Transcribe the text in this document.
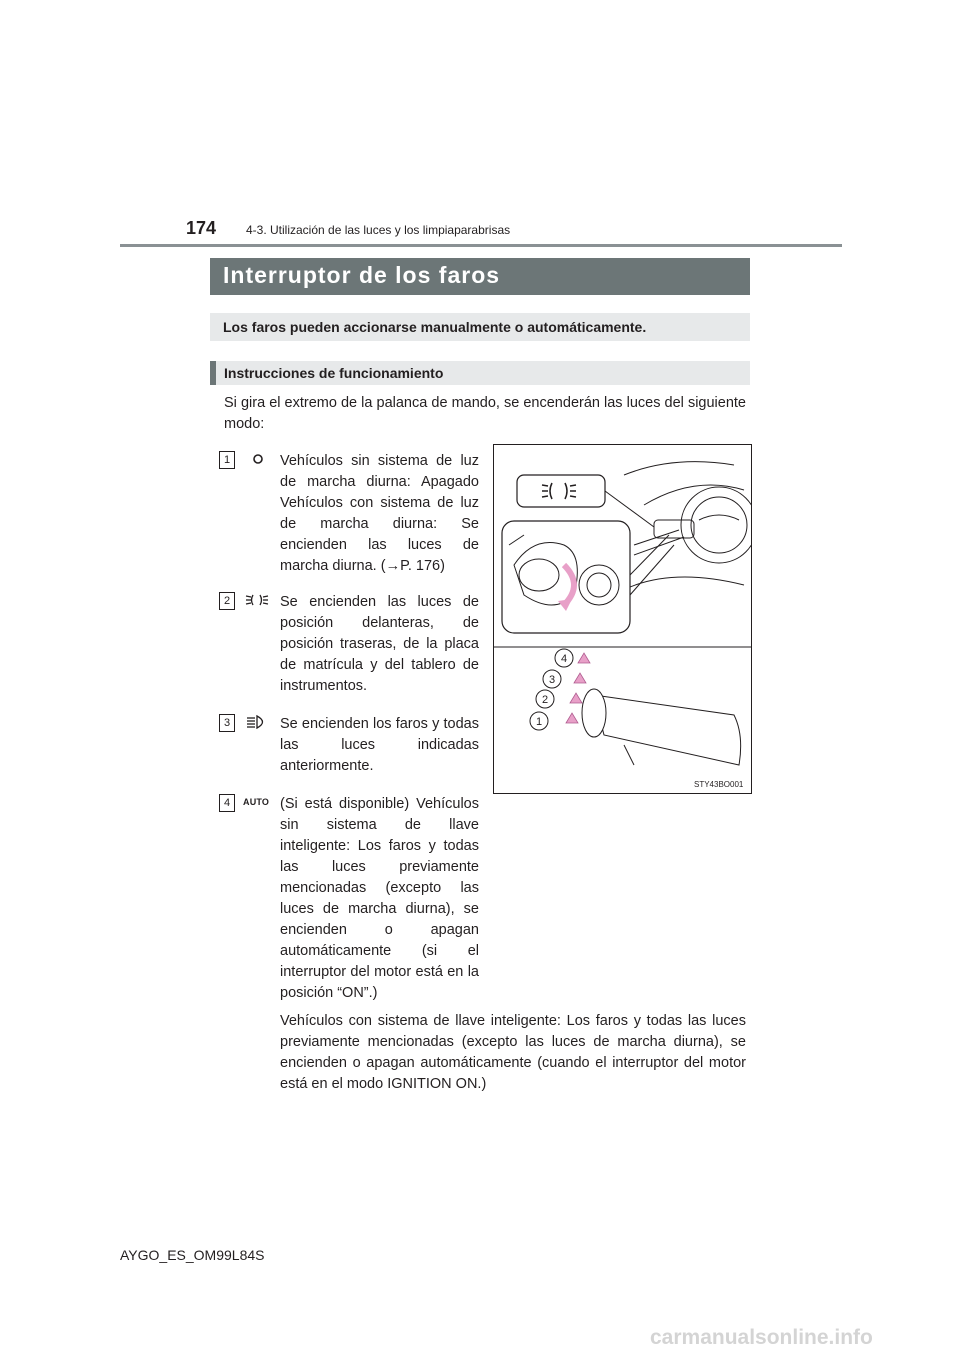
174 4-3. Utilización de las luces y los limpiaparabrisas
Interruptor de los faros
Los faros pueden accionarse manualmente o automáticamente.
Instrucciones de funcionamiento
Si gira el extremo de la palanca de mando, se encenderán las luces del siguiente modo:
1	Vehículos sin sistema de luz de marcha diurna: Apagado Vehículos con sistema de luz de marcha diurna: Se encienden las luces de marcha diurna. (→P. 176)
2	Se encienden las luces de posición delanteras, de posición traseras, de la placa de matrícula y del tablero de instrumentos.
3	Se encienden los faros y todas las luces indicadas anteriormente.
4	AUTO (Si está disponible) Vehículos sin sistema de llave inteligente: Los faros y todas las luces previamente mencionadas (excepto las luces de marcha diurna), se encienden o apagan automáticamente (si el interruptor del motor está en la posición “ON”.)
Vehículos con sistema de llave inteligente: Los faros y todas las luces previamente mencionadas (excepto las luces de marcha diurna), se encienden o apagan automáticamente (cuando el interruptor del motor está en el modo IGNITION ON.)
1
2
3
4
STY43BO001
AYGO_ES_OM99L84S
carmanualsonline.info
